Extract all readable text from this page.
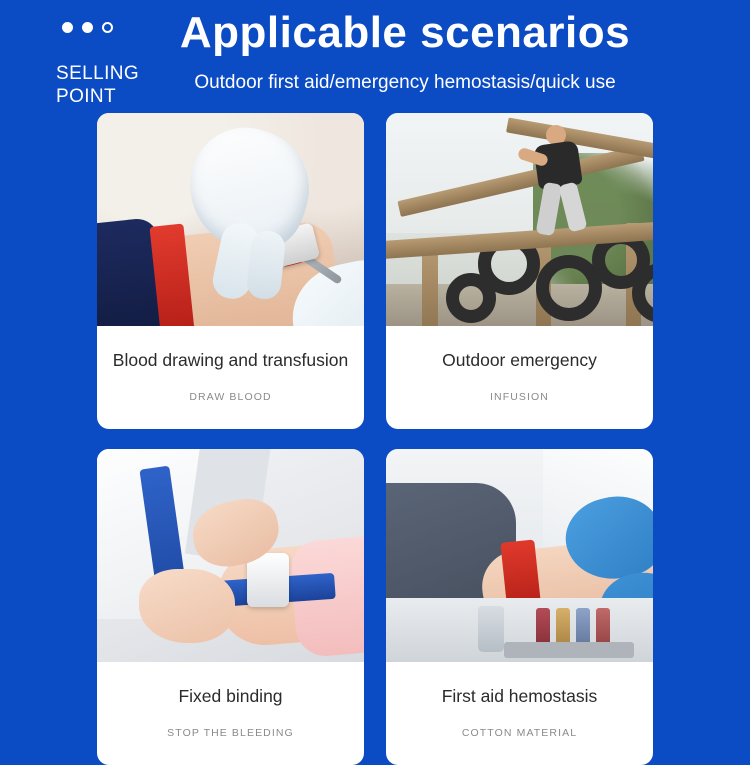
SELLING
POINT
Applicable scenarios
Outdoor first aid/emergency hemostasis/quick use
Blood drawing and transfusion
DRAW BLOOD
Outdoor emergency
INFUSION
Fixed binding
STOP THE BLEEDING
First aid hemostasis
COTTON MATERIAL
